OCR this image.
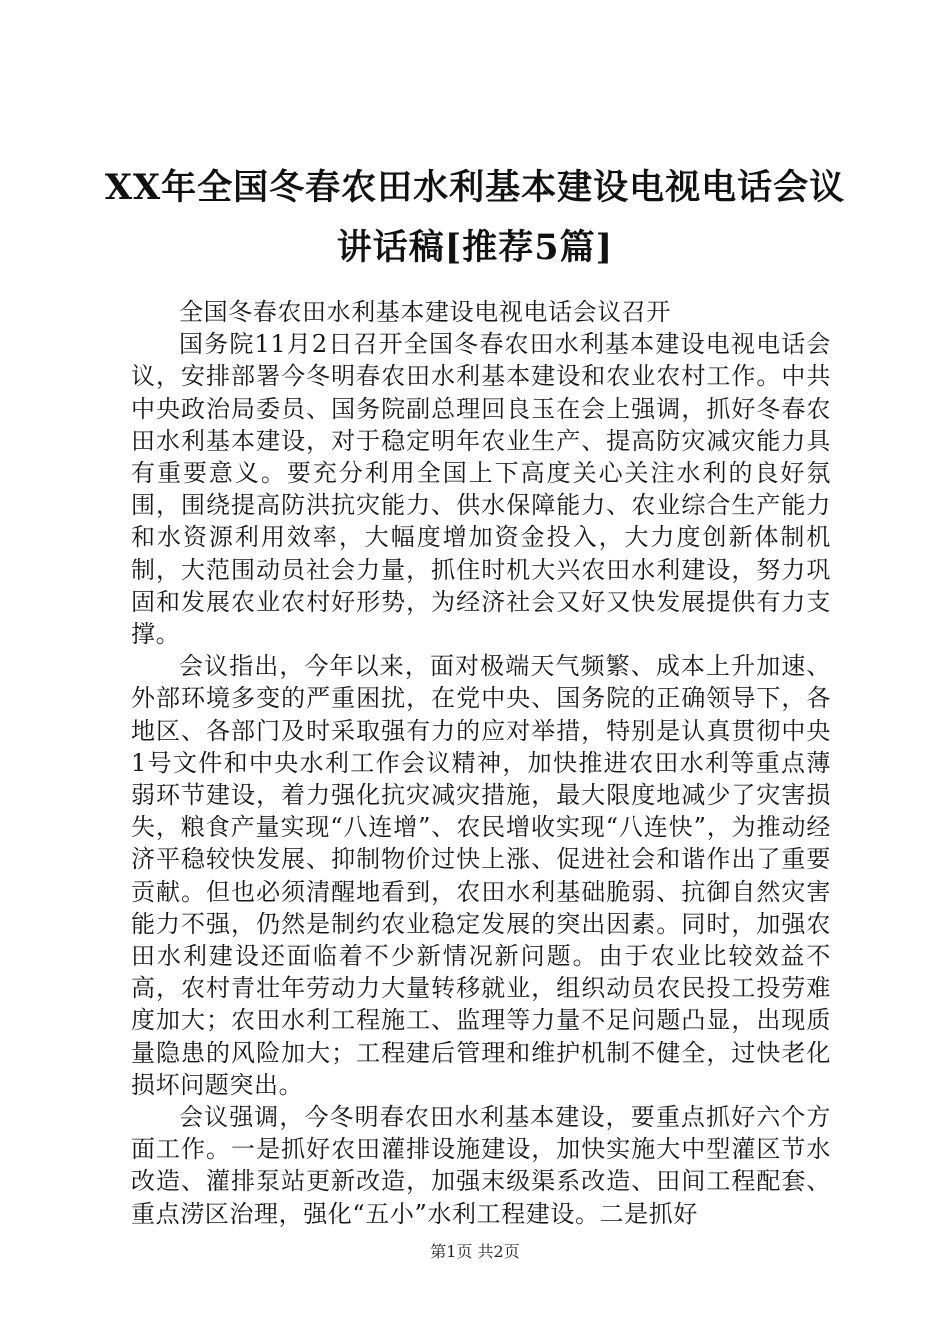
XX年全国冬春农田水利基本建设电视电话会议讲话稿[推荐5篇]

全国冬春农田水利基本建设电视电话会议召开

国务院11月2日召开全国冬春农田水利基本建设电视电话会议，安排部署今冬明春农田水利基本建设和农业农村工作。中共中央政治局委员、国务院副总理回良玉在会上强调，抓好冬春农田水利基本建设，对于稳定明年农业生产、提高防灾减灾能力具有重要意义。要充分利用全国上下高度关心关注水利的良好氛围，围绕提高防洪抗灾能力、供水保障能力、农业综合生产能力和水资源利用效率，大幅度增加资金投入，大力度创新体制机制，大范围动员社会力量，抓住时机大兴农田水利建设，努力巩固和发展农业农村好形势，为经济社会又好又快发展提供有力支撑。

会议指出，今年以来，面对极端天气频繁、成本上升加速、外部环境多变的严重困扰，在党中央、国务院的正确领导下，各地区、各部门及时采取强有力的应对举措，特别是认真贯彻中央1号文件和中央水利工作会议精神，加快推进农田水利等重点薄弱环节建设，着力强化抗灾减灾措施，最大限度地减少了灾害损失，粮食产量实现“八连增”、农民增收实现“八连快”，为推动经济平稳较快发展、抑制物价过快上涨、促进社会和谐作出了重要贡献。但也必须清醒地看到，农田水利基础脆弱、抗御自然灾害能力不强，仍然是制约农业稳定发展的突出因素。同时，加强农田水利建设还面临着不少新情况新问题。由于农业比较效益不高，农村青壮年劳动力大量转移就业，组织动员农民投工投劳难度加大；农田水利工程施工、监理等力量不足问题凸显，出现质量隐患的风险加大；工程建后管理和维护机制不健全，过快老化损坏问题突出。

会议强调，今冬明春农田水利基本建设，要重点抓好六个方面工作。一是抓好农田灌排设施建设，加快实施大中型灌区节水改造、灌排泵站更新改造，加强末级渠系改造、田间工程配套、重点涝区治理，强化“五小”水利工程建设。二是抓好

第1页 共2页
